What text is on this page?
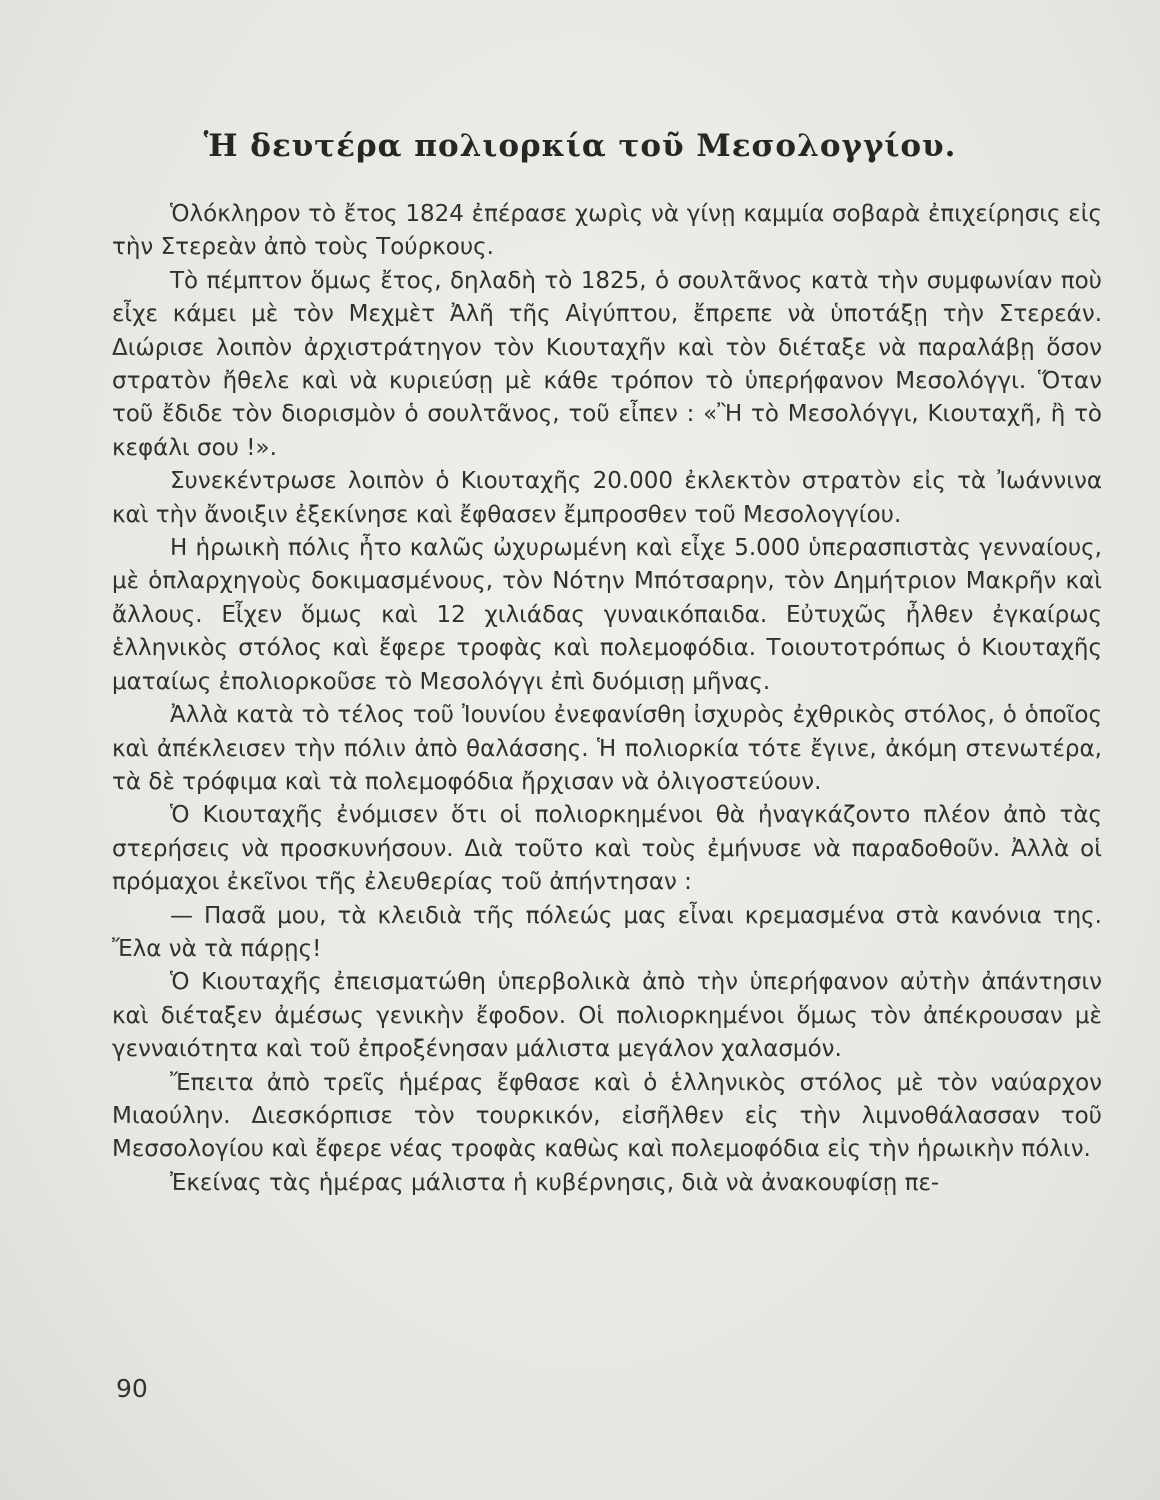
Ἡ δευτέρα πολιορκία τοῦ Μεσολογγίου.

Ὁλόκληρον τὸ ἔτος 1824 ἐπέρασε χωρὶς νὰ γίνῃ καμμία σοβαρὰ ἐπιχείρησις εἰς τὴν Στερεὰν ἀπὸ τοὺς Τούρκους.

Τὸ πέμπτον ὅμως ἔτος, δηλαδὴ τὸ 1825, ὁ σουλτᾶνος κατὰ τὴν συμφωνίαν ποὺ εἶχε κάμει μὲ τὸν Μεχμὲτ Ἀλῆ τῆς Αἰγύπτου, ἔπρεπε νὰ ὑποτάξῃ τὴν Στερεάν. Διώρισε λοιπὸν ἀρχιστράτηγον τὸν Κιουταχῆν καὶ τὸν διέταξε νὰ παραλάβῃ ὅσον στρατὸν ἤθελε καὶ νὰ κυριεύσῃ μὲ κάθε τρόπον τὸ ὑπερήφανον Μεσολόγγι. Ὅταν τοῦ ἔδιδε τὸν διορισμὸν ὁ σουλτᾶνος, τοῦ εἶπεν : «Ἢ τὸ Μεσολόγγι, Κιουταχῆ, ἢ τὸ κεφάλι σου !».

Συνεκέντρωσε λοιπὸν ὁ Κιουταχῆς 20.000 ἐκλεκτὸν στρατὸν εἰς τὰ Ἰωάννινα καὶ τὴν ἄνοιξιν ἐξεκίνησε καὶ ἔφθασεν ἔμπροσθεν τοῦ Μεσολογγίου.

Η ἡρωικὴ πόλις ἦτο καλῶς ὠχυρωμένη καὶ εἶχε 5.000 ὑπερασπιστὰς γενναίους, μὲ ὁπλαρχηγοὺς δοκιμασμένους, τὸν Νότην Μπότσαρην, τὸν Δημήτριον Μακρῆν καὶ ἄλλους. Εἶχεν ὅμως καὶ 12 χιλιάδας γυναικόπαιδα. Εὐτυχῶς ἦλθεν ἐγκαίρως ἑλληνικὸς στόλος καὶ ἔφερε τροφὰς καὶ πολεμοφόδια. Τοιουτοτρόπως ὁ Κιουταχῆς ματαίως ἐπολιορκοῦσε τὸ Μεσολόγγι ἐπὶ δυόμισῃ μῆνας.

Ἀλλὰ κατὰ τὸ τέλος τοῦ Ἰουνίου ἐνεφανίσθη ἰσχυρὸς ἐχθρικὸς στόλος, ὁ ὁποῖος καὶ ἀπέκλεισεν τὴν πόλιν ἀπὸ θαλάσσης. Ἡ πολιορκία τότε ἔγινε, ἀκόμη στενωτέρα, τὰ δὲ τρόφιμα καὶ τὰ πολεμοφόδια ἤρχισαν νὰ ὀλιγοστεύουν.

Ὁ Κιουταχῆς ἐνόμισεν ὅτι οἱ πολιορκημένοι θὰ ἠναγκάζοντο πλέον ἀπὸ τὰς στερήσεις νὰ προσκυνήσουν. Διὰ τοῦτο καὶ τοὺς ἐμήνυσε νὰ παραδοθοῦν. Ἀλλὰ οἱ πρόμαχοι ἐκεῖνοι τῆς ἐλευθερίας τοῦ ἀπήντησαν :

— Πασᾶ μου, τὰ κλειδιὰ τῆς πόλεώς μας εἶναι κρεμασμένα στὰ κανόνια της. Ἔλα νὰ τὰ πάρῃς!

Ὁ Κιουταχῆς ἐπεισματώθη ὑπερβολικὰ ἀπὸ τὴν ὑπερήφανον αὐτὴν ἀπάντησιν καὶ διέταξεν ἀμέσως γενικὴν ἔφοδον. Οἱ πολιορκημένοι ὅμως τὸν ἀπέκρουσαν μὲ γενναιότητα καὶ τοῦ ἐπροξένησαν μάλιστα μεγάλον χαλασμόν.

Ἔπειτα ἀπὸ τρεῖς ἡμέρας ἔφθασε καὶ ὁ ἑλληνικὸς στόλος μὲ τὸν ναύαρχον Μιαούλην. Διεσκόρπισε τὸν τουρκικόν, εἰσῆλθεν εἰς τὴν λιμνοθάλασσαν τοῦ Μεσσολογίου καὶ ἔφερε νέας τροφὰς καθὼς καὶ πολεμοφόδια εἰς τὴν ἡρωικὴν πόλιν.

Ἐκείνας τὰς ἡμέρας μάλιστα ἡ κυβέρνησις, διὰ νὰ ἀνακουφίσῃ πε-

90
